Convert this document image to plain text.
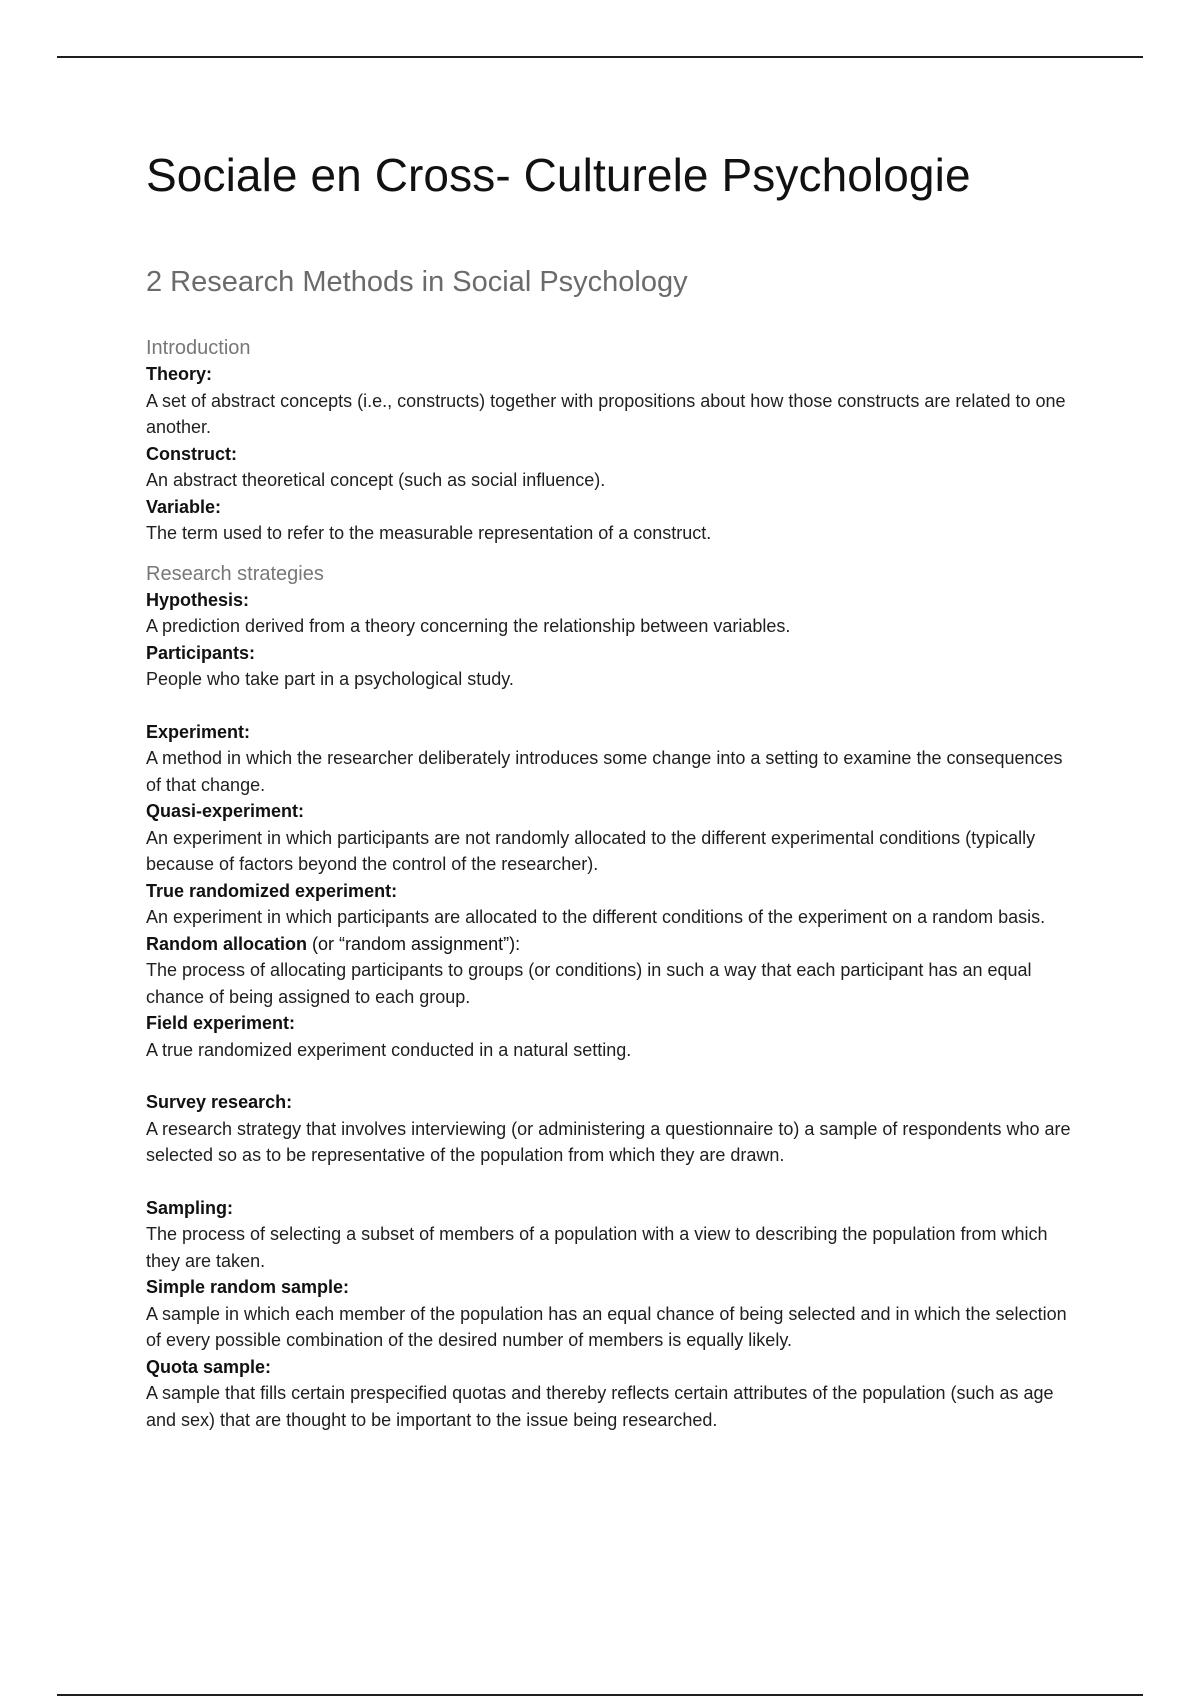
Sociale en Cross- Culturele Psychologie
2 Research Methods in Social Psychology
Introduction

Theory:

A set of abstract concepts (i.e., constructs) together with propositions about how those constructs are related to one another.

Construct:

An abstract theoretical concept (such as social influence).

Variable:

The term used to refer to the measurable representation of a construct.

Research strategies

Hypothesis:

A prediction derived from a theory concerning the relationship between variables.

Participants:

People who take part in a psychological study.

Experiment:

A method in which the researcher deliberately introduces some change into a setting to examine the consequences of that change.

Quasi-experiment:

An experiment in which participants are not randomly allocated to the different experimental conditions (typically because of factors beyond the control of the researcher).

True randomized experiment:

An experiment in which participants are allocated to the different conditions of the experiment on a random basis.

Random allocation (or “random assignment”):

The process of allocating participants to groups (or conditions) in such a way that each participant has an equal chance of being assigned to each group.

Field experiment:

A true randomized experiment conducted in a natural setting.

Survey research:

A research strategy that involves interviewing (or administering a questionnaire to) a sample of respondents who are selected so as to be representative of the population from which they are drawn.

Sampling:

The process of selecting a subset of members of a population with a view to describing the population from which they are taken.

Simple random sample:

A sample in which each member of the population has an equal chance of being selected and in which the selection of every possible combination of the desired number of members is equally likely.

Quota sample:

A sample that fills certain prespecified quotas and thereby reflects certain attributes of the population (such as age and sex) that are thought to be important to the issue being researched.
